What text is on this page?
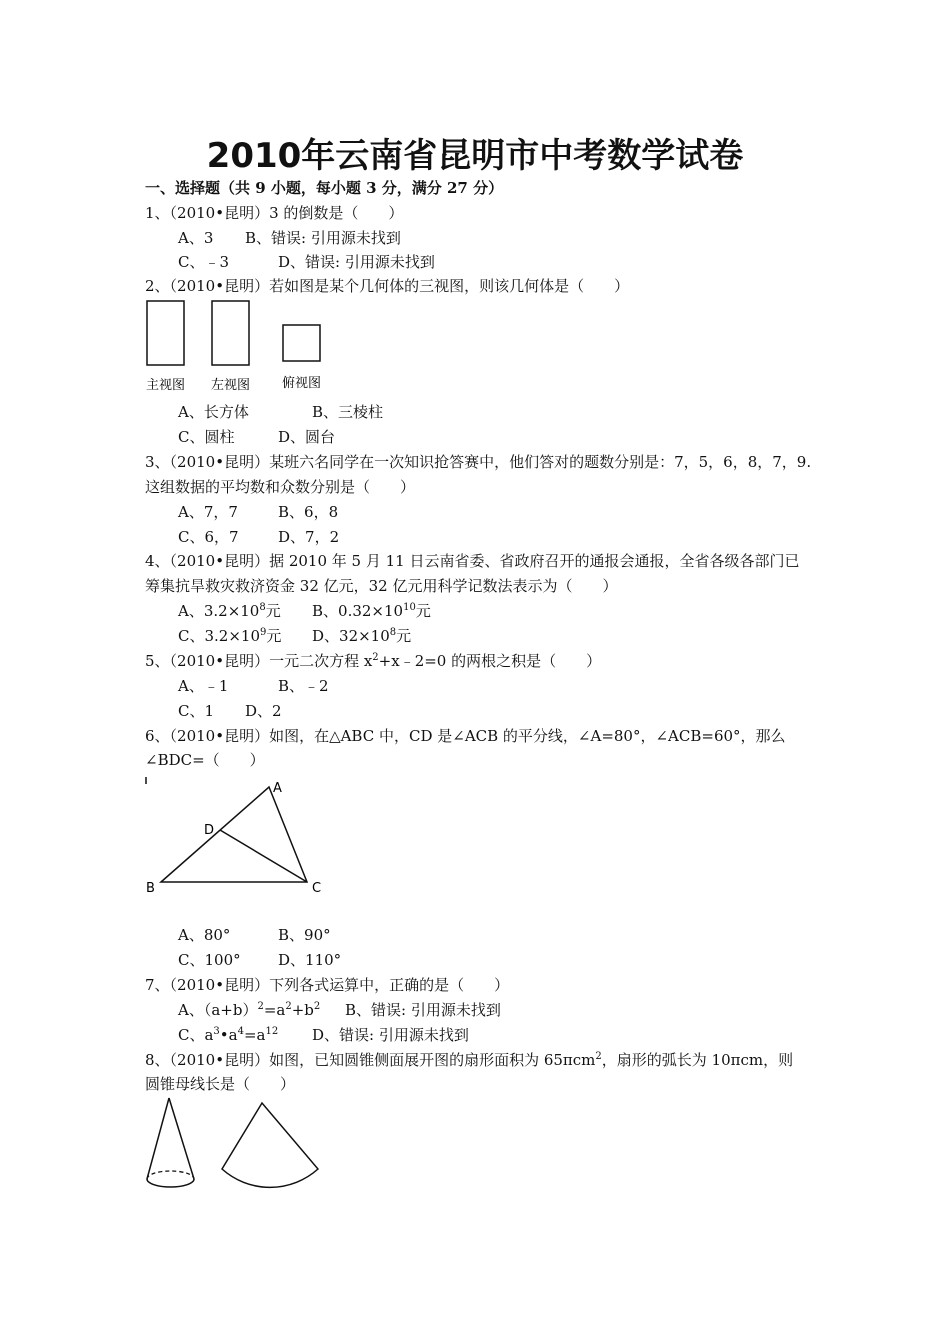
2010年云南省昆明市中考数学试卷
一、选择题（共 9 小题，每小题 3 分，满分 27 分）
1、（2010•昆明）3 的倒数是（　　）
A、3 B、错误: 引用源未找到
C、﹣3	D、错误: 引用源未找到
2、（2010•昆明）若如图是某个几何体的三视图，则该几何体是（　　）
主视图 左视图 俯视图
A、长方体	B、三棱柱
C、圆柱	D、圆台
3、（2010•昆明）某班六名同学在一次知识抢答赛中，他们答对的题数分别是：7，5，6，8，7，9.
这组数据的平均数和众数分别是（　　）
A、7，7	B、6，8
C、6，7	D、7，2
4、（2010•昆明）据 2010 年 5 月 11 日云南省委、省政府召开的通报会通报，全省各级各部门已
筹集抗旱救灾救济资金 32 亿元，32 亿元用科学记数法表示为（　　）
A、$3.2\times 10^8$元 B、$0.32\times 10^{10}$元
C、$3.2\times 10^9$元 D、$32\times 10^8$元
5、（2010•昆明）一元二次方程 $x^2+x﹣2=0$ 的两根之积是（　　）
A、﹣1	B、﹣2
C、1 D、2
6、（2010•昆明）如图，在△ABC 中，CD 是∠ACB 的平分线，∠A=80°，∠ACB=60°，那么
∠BDC=（　　）
A
D
B	C
A、80°	B、90°
C、100° D、110°
7、（2010•昆明）下列各式运算中，正确的是（　　）
A、$(a+b)^2=a^2+b^2$ B、错误: 引用源未找到
C、$a^3•a^4=a^{12}$ D、错误: 引用源未找到
8、（2010•昆明）如图，已知圆锥侧面展开图的扇形面积为 65πcm$^2$，扇形的弧长为 10πcm，则
圆锥母线长是（　　）
